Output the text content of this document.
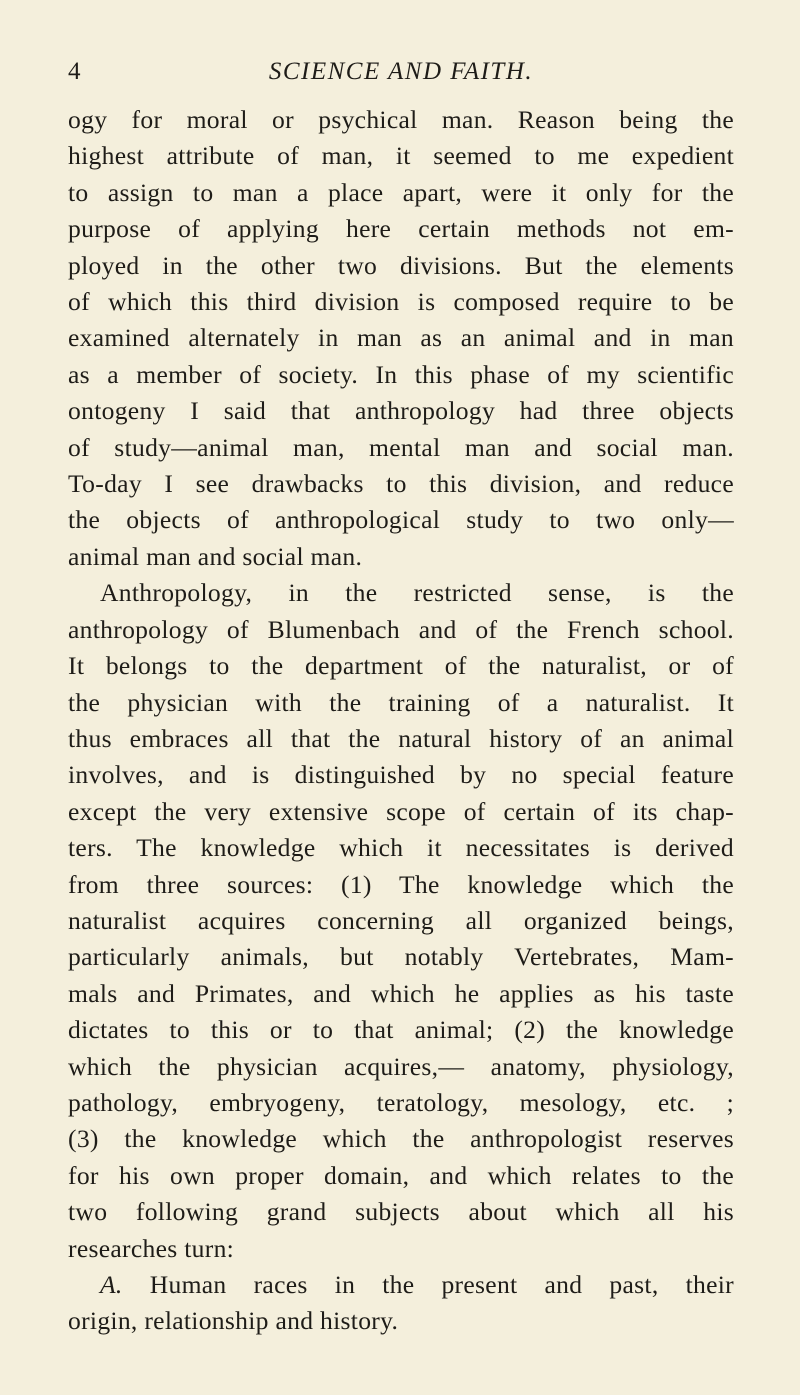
4	SCIENCE AND FAITH.

ogy for moral or psychical man. Reason being the
highest attribute of man, it seemed to me expedient
to assign to man a place apart, were it only for the
purpose of applying here certain methods not em-
ployed in the other two divisions. But the elements
of which this third division is composed require to be
examined alternately in man as an animal and in man
as a member of society. In this phase of my scientific
ontogeny I said that anthropology had three objects
of study—animal man, mental man and social man.
To-day I see drawbacks to this division, and reduce
the objects of anthropological study to two only—
animal man and social man.

Anthropology, in the restricted sense, is the
anthropology of Blumenbach and of the French school.
It belongs to the department of the naturalist, or of
the physician with the training of a naturalist. It
thus embraces all that the natural history of an animal
involves, and is distinguished by no special feature
except the very extensive scope of certain of its chap-
ters. The knowledge which it necessitates is derived
from three sources: (1) The knowledge which the
naturalist acquires concerning all organized beings,
particularly animals, but notably Vertebrates, Mam-
mals and Primates, and which he applies as his taste
dictates to this or to that animal; (2) the knowledge
which the physician acquires,— anatomy, physiology,
pathology, embryogeny, teratology, mesology, etc. ;
(3) the knowledge which the anthropologist reserves
for his own proper domain, and which relates to the
two following grand subjects about which all his
researches turn:

A. Human races in the present and past, their
origin, relationship and history.
